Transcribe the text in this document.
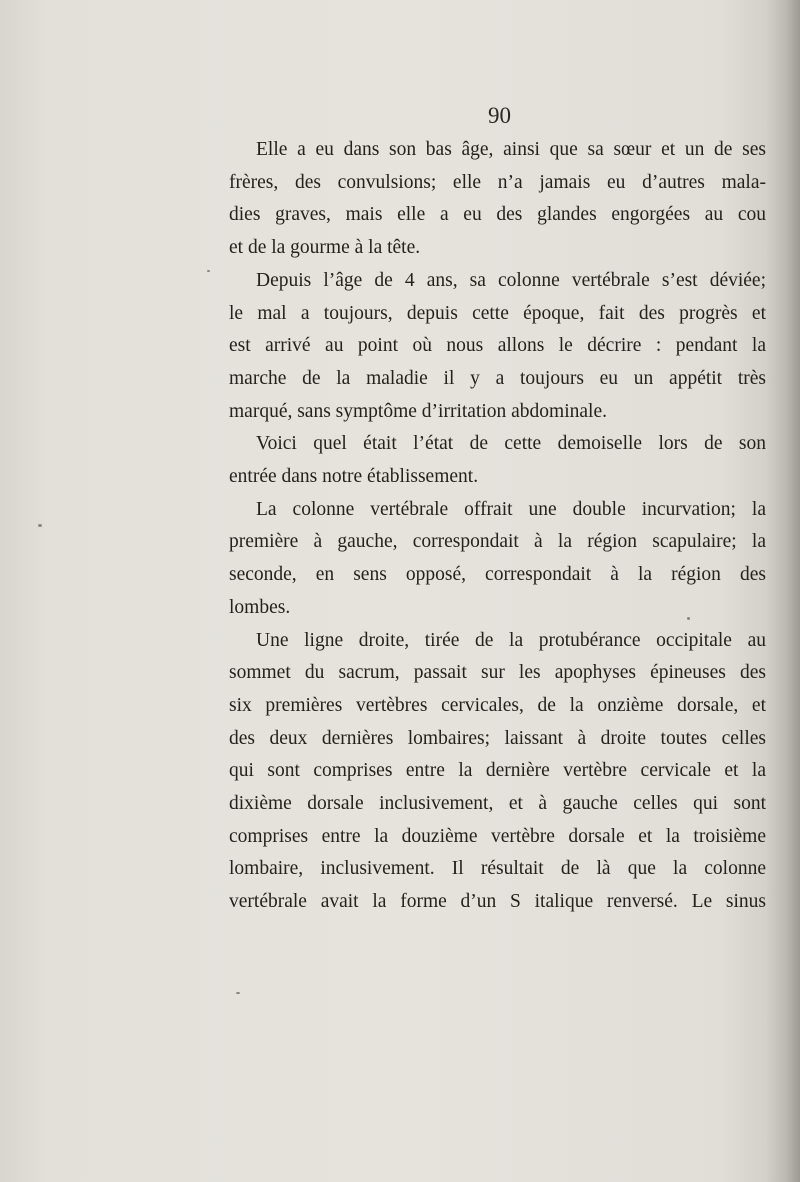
90
Elle a eu dans son bas âge, ainsi que sa sœur et un de ses
frères, des convulsions; elle n’a jamais eu d’autres mala-
dies graves, mais elle a eu des glandes engorgées au cou
et de la gourme à la tête.
Depuis l’âge de 4 ans, sa colonne vertébrale s’est déviée;
le mal a toujours, depuis cette époque, fait des progrès et
est arrivé au point où nous allons le décrire : pendant la
marche de la maladie il y a toujours eu un appétit très
marqué, sans symptôme d’irritation abdominale.
Voici quel était l’état de cette demoiselle lors de son
entrée dans notre établissement.
La colonne vertébrale offrait une double incurvation; la
première à gauche, correspondait à la région scapulaire; la
seconde, en sens opposé, correspondait à la région des
lombes.
Une ligne droite, tirée de la protubérance occipitale au
sommet du sacrum, passait sur les apophyses épineuses des
six premières vertèbres cervicales, de la onzième dorsale, et
des deux dernières lombaires; laissant à droite toutes celles
qui sont comprises entre la dernière vertèbre cervicale et la
dixième dorsale inclusivement, et à gauche celles qui sont
comprises entre la douzième vertèbre dorsale et la troisième
lombaire, inclusivement. Il résultait de là que la colonne
vertébrale avait la forme d’un S italique renversé. Le sinus
